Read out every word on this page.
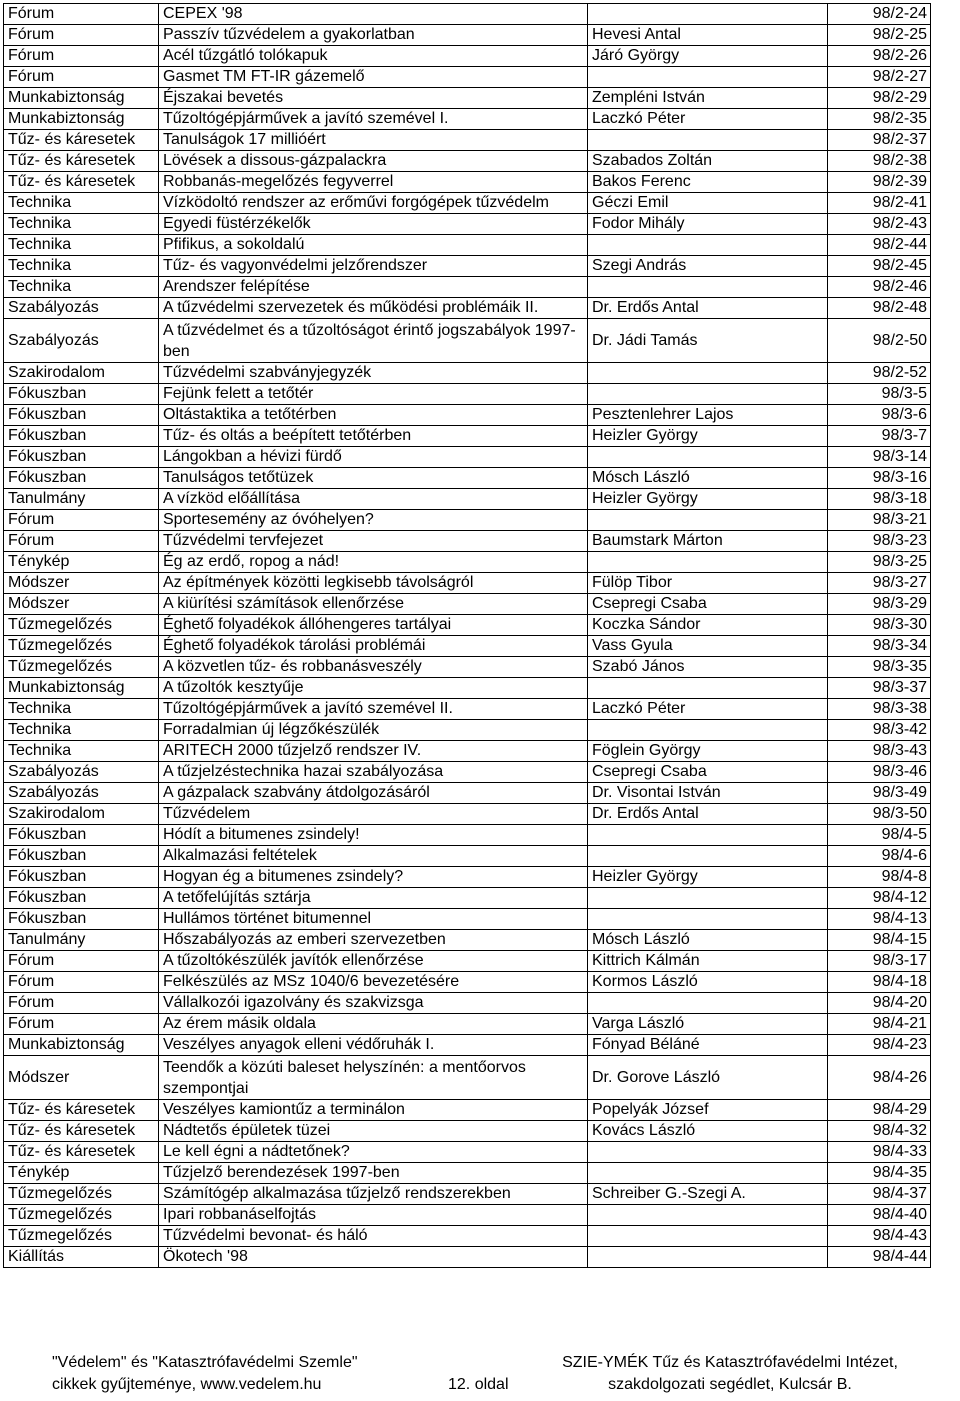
Fórum	CEPEX '98		98/2-24
Fórum	Passzív tűzvédelem a gyakorlatban	Hevesi Antal	98/2-25
Fórum	Acél tűzgátló tolókapuk	Járó György	98/2-26
Fórum	Gasmet TM FT-IR gázemelő		98/2-27
Munkabiztonság	Éjszakai bevetés	Zempléni István	98/2-29
Munkabiztonság	Tűzoltógépjárművek a javító szemével I.	Laczkó Péter	98/2-35
Tűz- és káresetek	Tanulságok 17 millióért		98/2-37
Tűz- és káresetek	Lövések a dissous-gázpalackra	Szabados Zoltán	98/2-38
Tűz- és káresetek	Robbanás-megelőzés fegyverrel	Bakos Ferenc	98/2-39
Technika	Vízködoltó rendszer az erőművi forgógépek tűzvédelm	Géczi Emil	98/2-41
Technika	Egyedi füstérzékelők	Fodor Mihály	98/2-43
Technika	Pfifikus, a sokoldalú		98/2-44
Technika	Tűz- és vagyonvédelmi jelzőrendszer	Szegi András	98/2-45
Technika	Arendszer felépítése		98/2-46
Szabályozás	A tűzvédelmi szervezetek és működési problémáik II.	Dr. Erdős Antal	98/2-48
Szabályozás	A tűzvédelmet és a tűzoltóságot érintő jogszabályok 1997-ben	Dr. Jádi Tamás	98/2-50
Szakirodalom	Tűzvédelmi szabványjegyzék		98/2-52
Fókuszban	Fejünk felett a tetőtér		98/3-5
Fókuszban	Oltástaktika a tetőtérben	Pesztenlehrer Lajos	98/3-6
Fókuszban	Tűz- és oltás a beépített tetőtérben	Heizler György	98/3-7
Fókuszban	Lángokban a hévizi fürdő		98/3-14
Fókuszban	Tanulságos tetőtüzek	Mósch László	98/3-16
Tanulmány	A vízköd előállítása	Heizler György	98/3-18
Fórum	Sportesemény az óvóhelyen?		98/3-21
Fórum	Tűzvédelmi tervfejezet	Baumstark Márton	98/3-23
Ténykép	Ég az erdő, ropog a nád!		98/3-25
Módszer	Az építmények közötti legkisebb távolságról	Fülöp Tibor	98/3-27
Módszer	A kiürítési számítások ellenőrzése	Csepregi Csaba	98/3-29
Tűzmegelőzés	Éghető folyadékok állóhengeres tartályai	Koczka Sándor	98/3-30
Tűzmegelőzés	Éghető folyadékok tárolási problémái	Vass Gyula	98/3-34
Tűzmegelőzés	A közvetlen tűz- és robbanásveszély	Szabó János	98/3-35
Munkabiztonság	A tűzoltók kesztyűje		98/3-37
Technika	Tűzoltógépjárművek a javító szemével II.	Laczkó Péter	98/3-38
Technika	Forradalmian új légzőkészülék		98/3-42
Technika	ARITECH 2000 tűzjelző rendszer IV.	Föglein György	98/3-43
Szabályozás	A tűzjelzéstechnika hazai szabályozása	Csepregi Csaba	98/3-46
Szabályozás	A gázpalack szabvány átdolgozásáról	Dr. Visontai István	98/3-49
Szakirodalom	Tűzvédelem	Dr. Erdős Antal	98/3-50
Fókuszban	Hódít a bitumenes zsindely!		98/4-5
Fókuszban	Alkalmazási feltételek		98/4-6
Fókuszban	Hogyan ég a bitumenes zsindely?	Heizler György	98/4-8
Fókuszban	A tetőfelújítás sztárja		98/4-12
Fókuszban	Hullámos történet bitumennel		98/4-13
Tanulmány	Hőszabályozás az emberi szervezetben	Mósch László	98/4-15
Fórum	A tűzoltókészülék javítók ellenőrzése	Kittrich Kálmán	98/3-17
Fórum	Felkészülés az MSz 1040/6 bevezetésére	Kormos László	98/4-18
Fórum	Vállalkozói igazolvány és szakvizsga		98/4-20
Fórum	Az érem másik oldala	Varga László	98/4-21
Munkabiztonság	Veszélyes anyagok elleni védőruhák I.	Fónyad Béláné	98/4-23
Módszer	Teendők a közúti baleset helyszínén: a mentőorvos szempontjai	Dr. Gorove László	98/4-26
Tűz- és káresetek	Veszélyes kamiontűz a terminálon	Popelyák József	98/4-29
Tűz- és káresetek	Nádtetős épületek tüzei	Kovács László	98/4-32
Tűz- és káresetek	Le kell égni a nádtetőnek?		98/4-33
Ténykép	Tűzjelző berendezések 1997-ben		98/4-35
Tűzmegelőzés	Számítógép alkalmazása tűzjelző rendszerekben	Schreiber G.-Szegi A.	98/4-37
Tűzmegelőzés	Ipari robbanáselfojtás		98/4-40
Tűzmegelőzés	Tűzvédelmi bevonat- és háló		98/4-43
Kiállítás	Ökotech '98		98/4-44
"Védelem" és "Katasztrófavédelmi Szemle"
cikkek gyűjteménye, www.vedelem.hu	12. oldal
SZIE-YMÉK Tűz és Katasztrófavédelmi Intézet,
szakdolgozati segédlet, Kulcsár B.
